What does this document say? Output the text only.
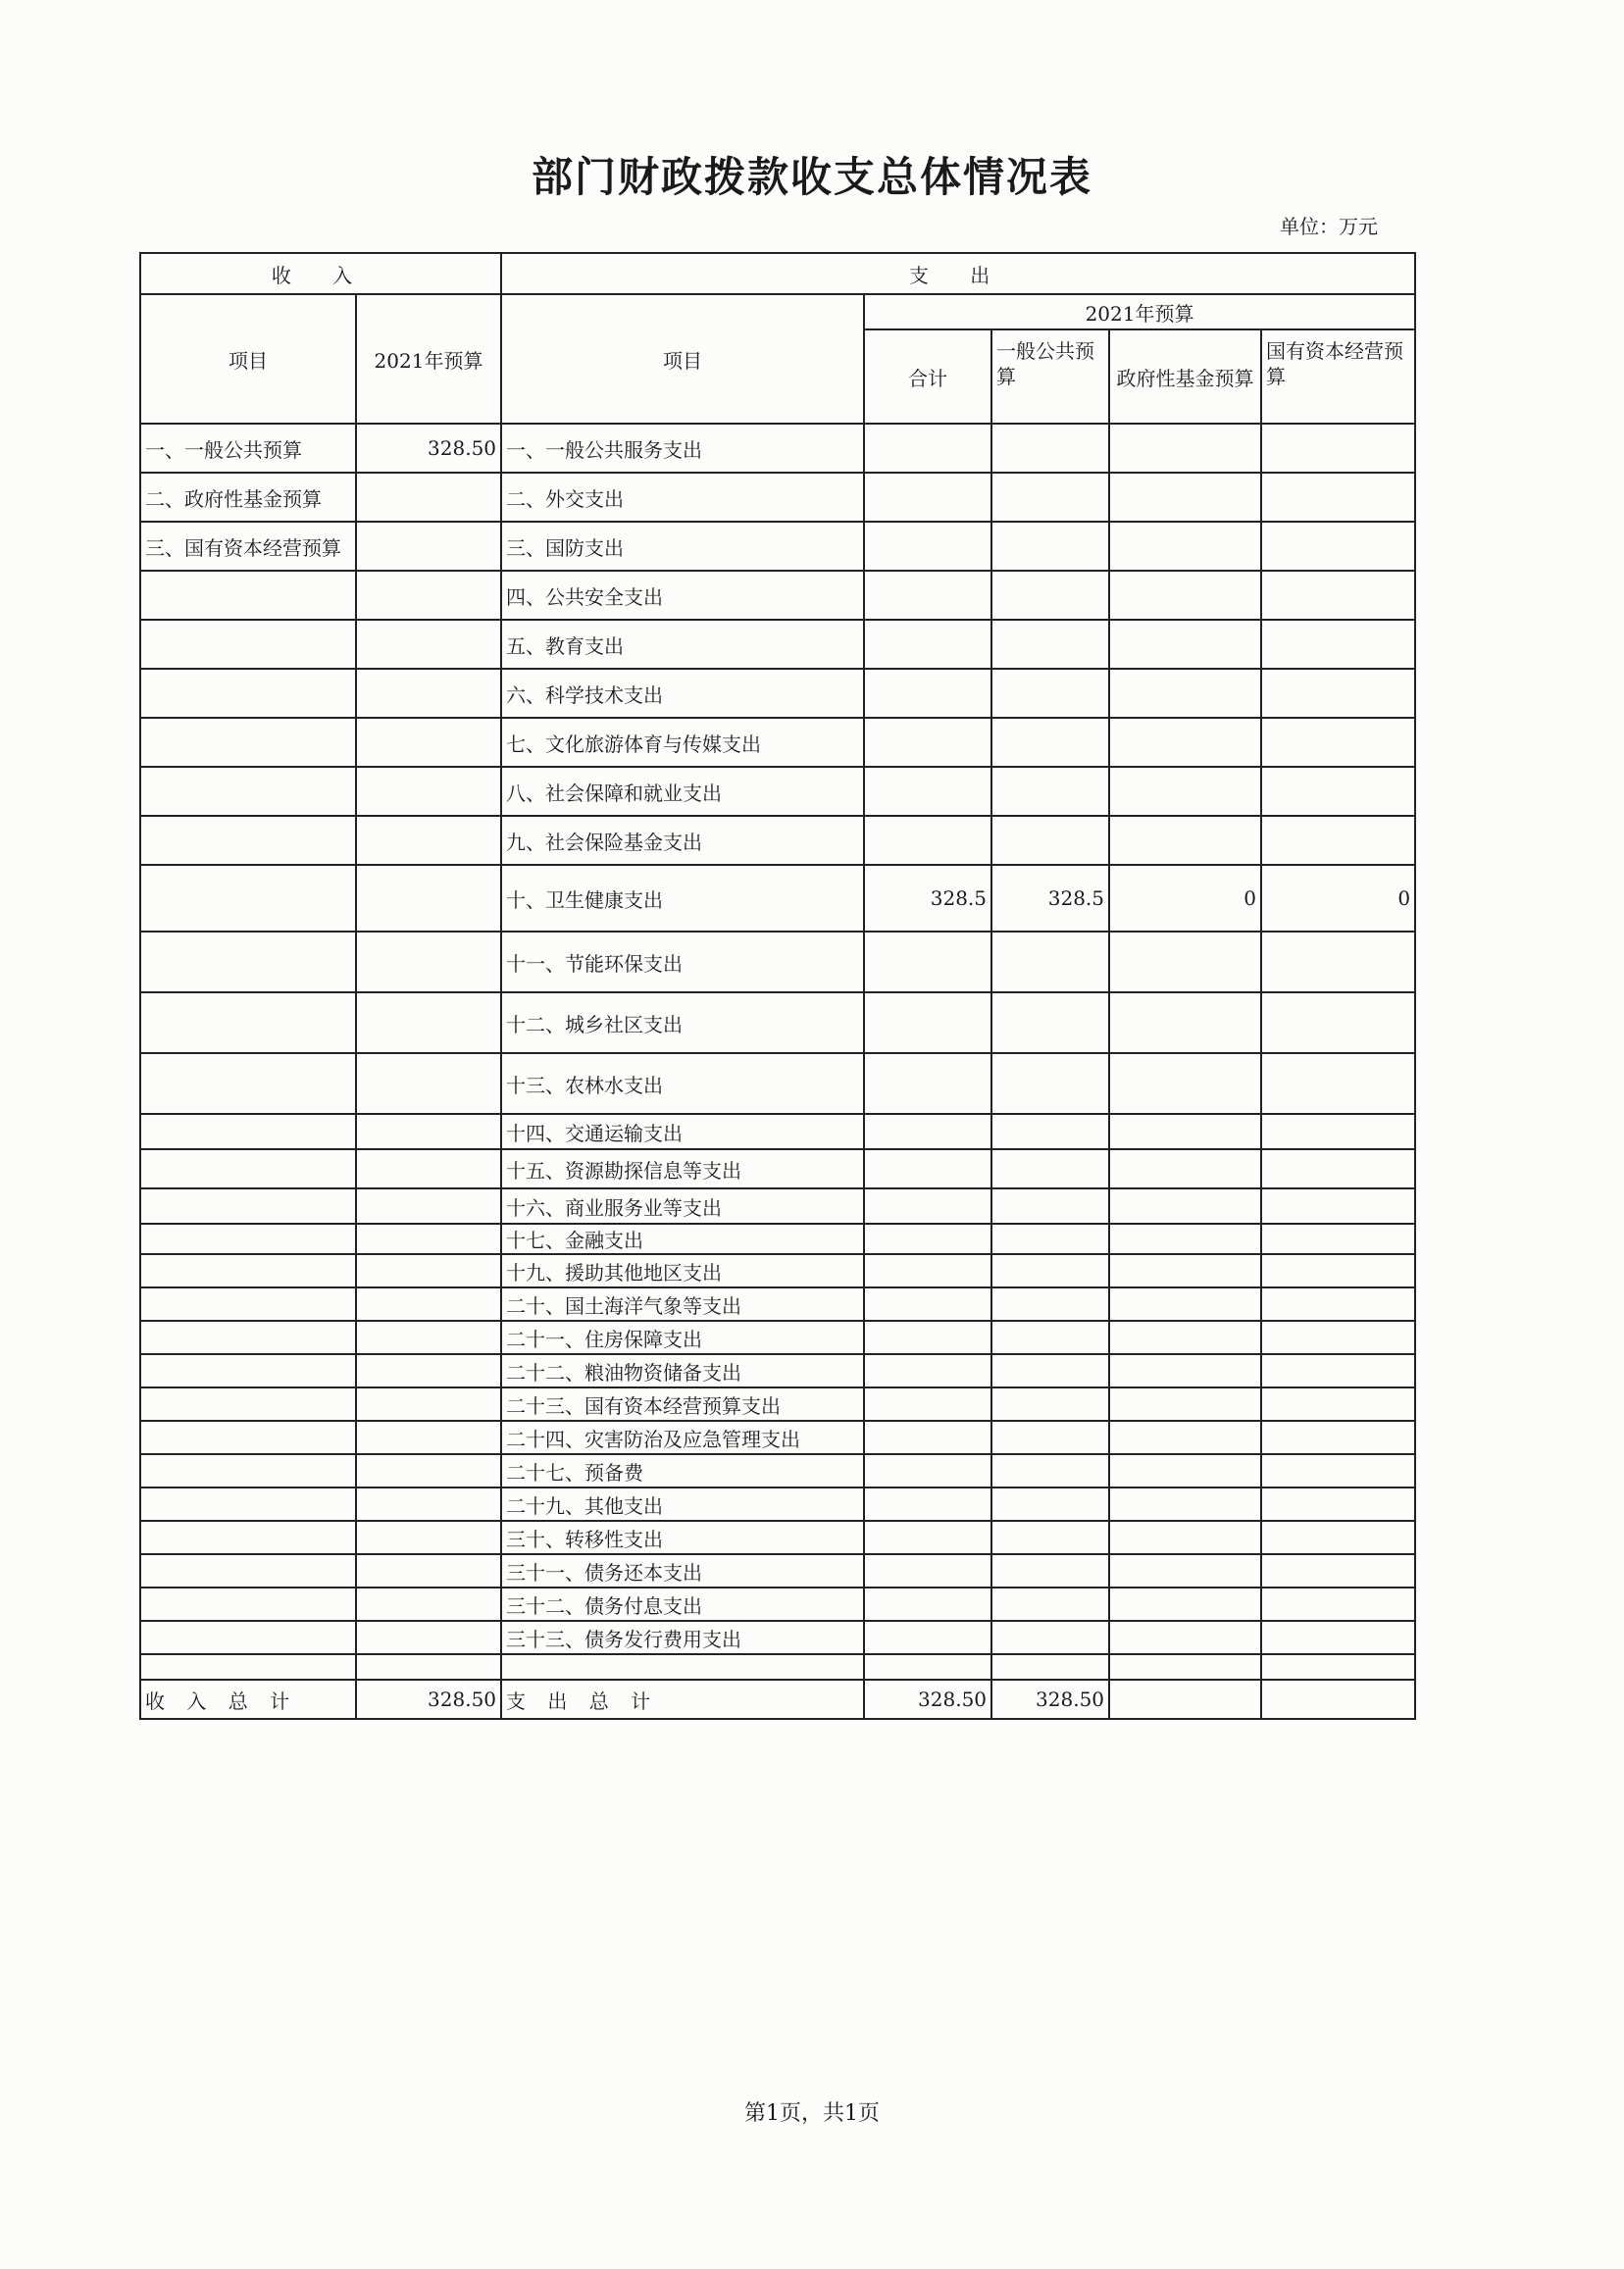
部门财政拨款收支总体情况表
单位：万元
收 入		支 出				
项目	2021年预算	项目	2021年预算			
			合计	一般公共预算	政府性基金预算	国有资本经营预算
一、一般公共预算	328.50	一、一般公共服务支出				
二、政府性基金预算		二、外交支出				
三、国有资本经营预算		三、国防支出				
		四、公共安全支出				
		五、教育支出				
		六、科学技术支出				
		七、文化旅游体育与传媒支出				
		八、社会保障和就业支出				
		九、社会保险基金支出				
		十、卫生健康支出	328.5	328.5	0	0
		十一、节能环保支出				
		十二、城乡社区支出				
		十三、农林水支出				
		十四、交通运输支出				
		十五、资源勘探信息等支出				
		十六、商业服务业等支出				
		十七、金融支出				
		十九、援助其他地区支出				
		二十、国土海洋气象等支出				
		二十一、住房保障支出				
		二十二、粮油物资储备支出				
		二十三、国有资本经营预算支出				
		二十四、灾害防治及应急管理支出				
		二十七、预备费				
		二十九、其他支出				
		三十、转移性支出				
		三十一、债务还本支出				
		三十二、债务付息支出				
		三十三、债务发行费用支出				

收 入 总 计	328.50	支 出 总 计	328.50	328.50		
第1页，共1页
